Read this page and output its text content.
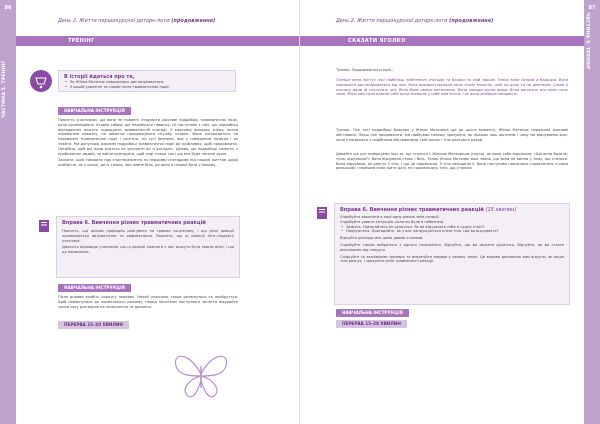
86
ЧАСТИНА 5. ТРЕНІНГ
День 2. Життя першокурсної доторк-лоти (продовження)
ТРЕНІНГ
В історії йдеться про те,
• Як Жінка Метелик наважилася дистанціюватися.
• У вашій уявленні та справі після травматичної події.
НАВЧАЛЬНА ІНСТРУКЦІЯ

Поясніть учасникам, що вони не повинні згадувати жахливі подробиці травматичної події, коли розповідають історію собою, ще перевіряти навичку. Ці поступове з тим, що подробиці відтвореннє можуть зашкодити травматичній спогаді. У кожному випадку жінка, котра перевіряла навичку, не вимогла продовжувати службу історію. Вона зосередитеся на перевірені травматичної події і спитати, по суті безпеки, яка у наведеним позиція і як знайти. Ми допускаю жахливі подробиці травматичної події до особливих, щоб продовжити. Потрібно, щоб ми, вони вчаться не зупиняти на «Сьогодні». Цікаво, ще подробиці сюжети, з проблемних людей, чи вміли пригадати, щоб тоді тільки так і ще все буде неначе дуже.

Заохоти, щоб говорити про спостереження за першими спогадами під нашим життям щодо особистої, як у школі, де їх тяжко, про певне біль, де вони в позиції бути у іншому.

Вправа 6. Вивчення різних травматичних реакцій

Поясніть, що цілком природно реагувати на травми по-різному, і що різні реакції проявляються автоматично та рефлекторно. Поясніть, що ці реакції піти-сподьогу учасника.

Донесіть відповідь учасників, що ці реакції кожного з нас можуть бути зовсім різні, і що це нормально.

НАВЧАЛЬНА ІНСТРУКЦІЯ
Після вправи зробіть коротку перерву. Нехай учасники трохи розімнуться та пройдуться. Щоб повернутися до нормального режиму, перед початком наступного заняття відкрийте трохи часу для вправ на заземлення та дихання.
ПЕРЕРВА 15–20 ХВИЛИН
87
ЧАСТИНА 5. ТРЕНІНГ
День 2. Життя першокурсної доторк-лоти (продовження)
СКАЗАТИ ЯГОЛКО
Тренер. Продовження історії...
Пізніше вона листує свої найбільш небезпечні спогади та боязки на свій зіркові. Тепер вона сильна й бадьора. Вона навчилася дистанціюватися від них. Вона використовувала свою сполу енергію, щоб на дощі та на фантазію. Слова її наснагу дали їй сполучить дні. Вона була самою метеликом. Вона завжди росла вища. Вона виносить все крізь силу свою. Вона має сили власне себе вона знайшла у себе пам’ятати, і як вона знайшла сміливість.
Тренер. Ось такі подробиці бувалих у Жінки Метелика ще до цього моменту. Жінка Метелик пережила жахливі обставини. Перш ніж продовжити, ми пробуємо спершу зрозуміти, як працює наш організм і чому ми відчуваємо жах, коли стикаємося з подібними обставинами. Цей мозок і тіло реагують разом.
Давайте ще раз поміркуємо про те, що сталося з Жінкою Метеликом (пауза), як вона себе відчувала. «Що вона бачила, чула, відчувала?» Вона відчувала страх і біль. Тепер Жінка Метелик вже знала, що вона не винна у тому, що сталося. Вона відчувала, як реагує її тіло, і що це нормально. Її тіло захищало її. Вона поступово навчилася справлятися з цими реакціями і знайшла сили жити далі, не соромлячись того, що сталося.
Вправа 6. Вивчення різних травматичних реакцій (15 хвилин)
Спробуйте виконати в парі одну рівень змін позиції.
Спробуйте уявити ситуацію, коли ви були в небезпеці.
• Замріть. Намагайтеся не рухатися. Як ви відчуваєте себе в цьому стані?
• Напружтеся. Пригадайте, як у вас напружуються м’язи тіла. Що ви відчуваєте?
Відчуйте різницю між цими двома станами.
Спробуйте також вибратися з одного положення. Відчуйте, що ви можете рухатися. Відчуйте, як ви стаєте вільнішими від напруги.
Слідкуйте за вказівками тренера та виконуйте вправи у своєму темпі. Це вправа допоможе вам відчути, як ваше тіло реагує, і зрозуміти різні травматичні реакції.
НАВЧАЛЬНА ІНСТРУКЦІЯ
ПЕРЕРВА 15–20 ХВИЛИН
